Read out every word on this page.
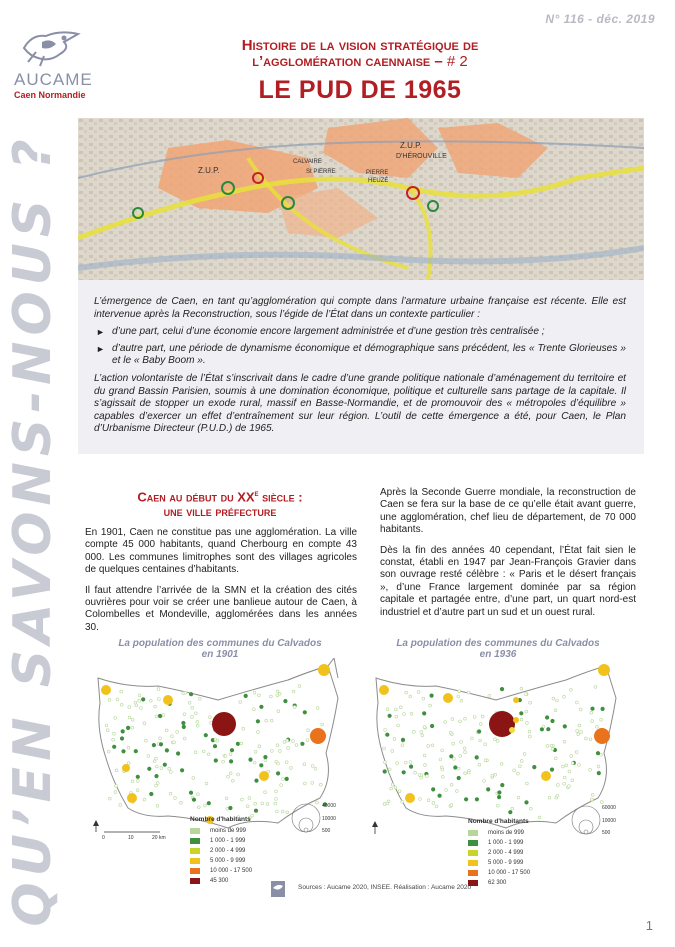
QU’EN SAVONS-NOUS ?
AUCAME
Caen Normandie
N° 116 - déc. 2019
Histoire de la vision stratégique de
l’agglomération caennaise – # 2
LE PUD DE 1965
Z.U.P.
CALVAIRE
St PIERRE
Z.U.P.
D'HÉROUVILLE
PIERRE
HEUZÉ

L’émergence de Caen, en tant qu’agglomération qui compte dans l’armature urbaine française est récente. Elle est intervenue après la Reconstruction, sous l’égide de l’État dans un contexte particulier :

► d’une part, celui d’une économie encore largement administrée et d’une gestion très centralisée ;
► d’autre part, une période de dynamisme économique et démographique sans précédent, les « Trente Glorieuses » et le « Baby Boom ».

L’action volontariste de l’État s’inscrivait dans le cadre d’une grande politique nationale d’aménagement du territoire et du grand Bassin Parisien, soumis à une domination économique, politique et culturelle sans partage de la capitale. Il s’agissait de stopper un exode rural, massif en Basse-Normandie, et de promouvoir des « métropoles d’équilibre » capables d’exercer un effet d’entraînement sur leur région. L’outil de cette émergence a été, pour Caen, le Plan d’Urbanisme Directeur (P.U.D.) de 1965.

Caen au début du XXe siècle :
une ville préfecture

En 1901, Caen ne constitue pas une agglomération. La ville compte 45 000 habitants, quand Cherbourg en compte 43 000. Les communes limitrophes sont des villages agricoles de quelques centaines d’habitants.

Il faut attendre l’arrivée de la SMN et la création des cités ouvrières pour voir se créer une banlieue autour de Caen, à Colombelles et Mondeville, agglomérées dans les années 30.

Après la Seconde Guerre mondiale, la reconstruction de Caen se fera sur la base de ce qu’elle était avant guerre, une agglomération, chef lieu de département, de 70 000 habitants.

Dès la fin des années 40 cependant, l’État fait sien le constat, établi en 1947 par Jean-François Gravier dans son ouvrage resté célèbre : « Paris et le désert français », d’une France largement dominée par sa région capitale et partagée entre, d’une part, un quart nord-est industriel et d’autre part un sud et un ouest rural.

La population des communes du Calvados
en 1901
La population des communes du Calvados
en 1936
40000
10000
500
60000
10000
500
0	10	20 km
Nombre d'habitants
moins de 999
1 000 - 1 999
2 000 - 4 999
5 000 - 9 999
10 000 - 17 500
45 300
Nombre d'habitants
moins de 999
1 000 - 1 999
2 000 - 4 999
5 000 - 9 999
10 000 - 17 500
62 300
Sources : Aucame 2020, INSEE. Réalisation : Aucame 2020
1
